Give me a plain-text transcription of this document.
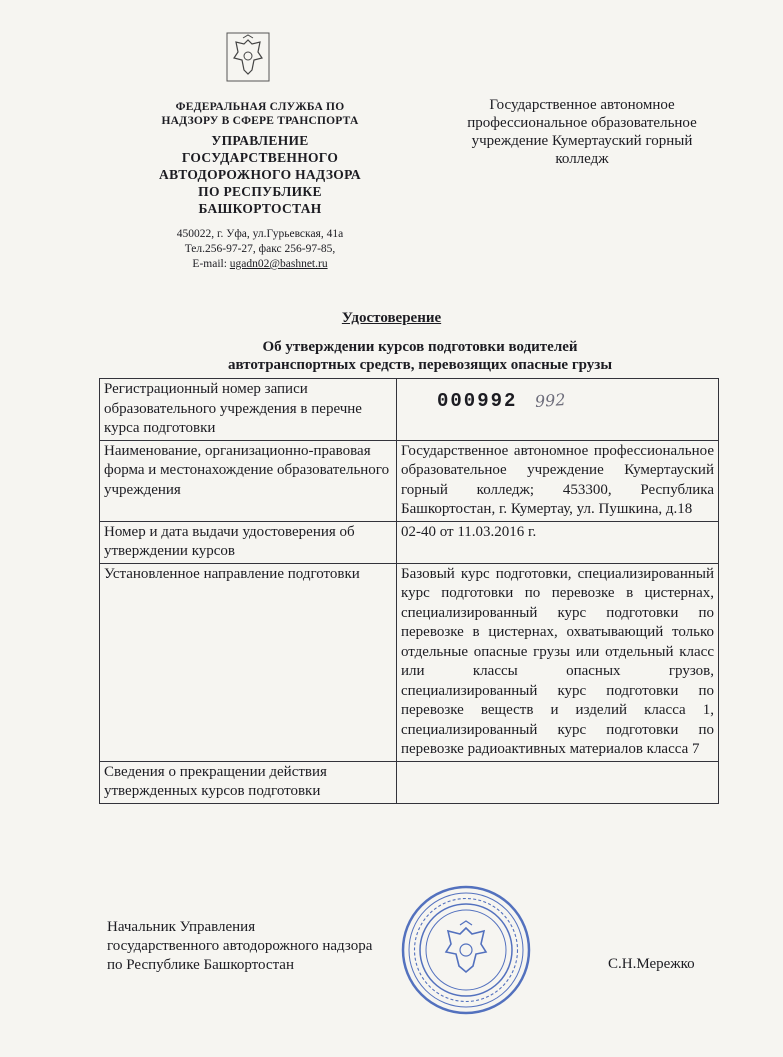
ФЕДЕРАЛЬНАЯ СЛУЖБА ПО
НАДЗОРУ В СФЕРЕ ТРАНСПОРТА
УПРАВЛЕНИЕ
ГОСУДАРСТВЕННОГО
АВТОДОРОЖНОГО НАДЗОРА
ПО РЕСПУБЛИКЕ
БАШКОРТОСТАН
450022, г. Уфа, ул.Гурьевская, 41а
Тел.256-97-27, факс 256-97-85,
E-mail: ugadn02@bashnet.ru
Государственное автономное
профессиональное образовательное
учреждение Кумертауский горный
колледж
Удостоверение
Об утверждении курсов подготовки водителей
автотранспортных средств, перевозящих опасные грузы
Регистрационный номер записи образовательного учреждения в перечне курса подготовки	000992 992
Наименование, организационно-правовая форма и местонахождение образовательного учреждения	Государственное автономное профессиональное образовательное учреждение Кумертауский горный колледж; 453300, Республика Башкортостан, г. Кумертау, ул. Пушкина, д.18
Номер и дата выдачи удостоверения об утверждении курсов	02-40 от 11.03.2016 г.
Установленное направление подготовки	Базовый курс подготовки, специализированный курс подготовки по перевозке в цистернах, специализированный курс подготовки по перевозке в цистернах, охватывающий только отдельные опасные грузы или отдельный класс или классы опасных грузов, специализированный курс подготовки по перевозке веществ и изделий класса 1, специализированный курс подготовки по перевозке радиоактивных материалов класса 7
Сведения о прекращении действия утвержденных курсов подготовки	
Начальник Управления
государственного автодорожного надзора
по Республике Башкортостан	С.Н.Мережко
